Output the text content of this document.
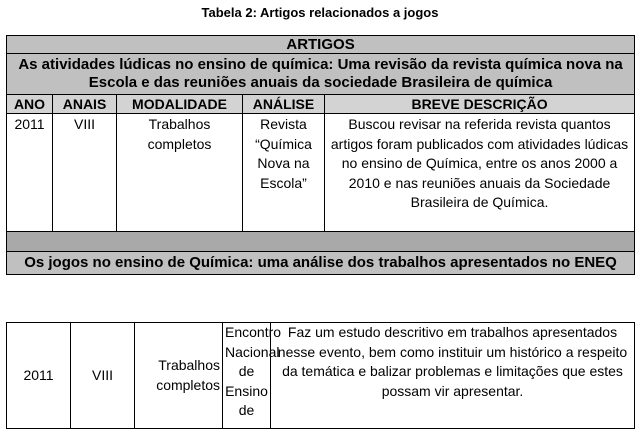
Tabela 2: Artigos relacionados a jogos
ARTIGOS				
As atividades lúdicas no ensino de química: Uma revisão da revista química nova na Escola e das reuniões anuais da sociedade Brasileira de química				
ANO	ANAIS	MODALIDADE	ANÁLISE	BREVE DESCRIÇÃO
2011	VIII	Trabalhos completos	Revista “Química Nova na Escola”	Buscou revisar na referida revista quantos artigos foram publicados com atividades lúdicas no ensino de Química, entre os anos 2000 a 2010 e nas reuniões anuais da Sociedade Brasileira de Química.

Os jogos no ensino de Química: uma análise dos trabalhos apresentados no ENEQ				
2011	VIII	Trabalhos completos	Encontro Nacional de Ensino de	Faz um estudo descritivo em trabalhos apresentados nesse evento, bem como instituir um histórico a respeito da temática e balizar problemas e limitações que estes possam vir apresentar.
